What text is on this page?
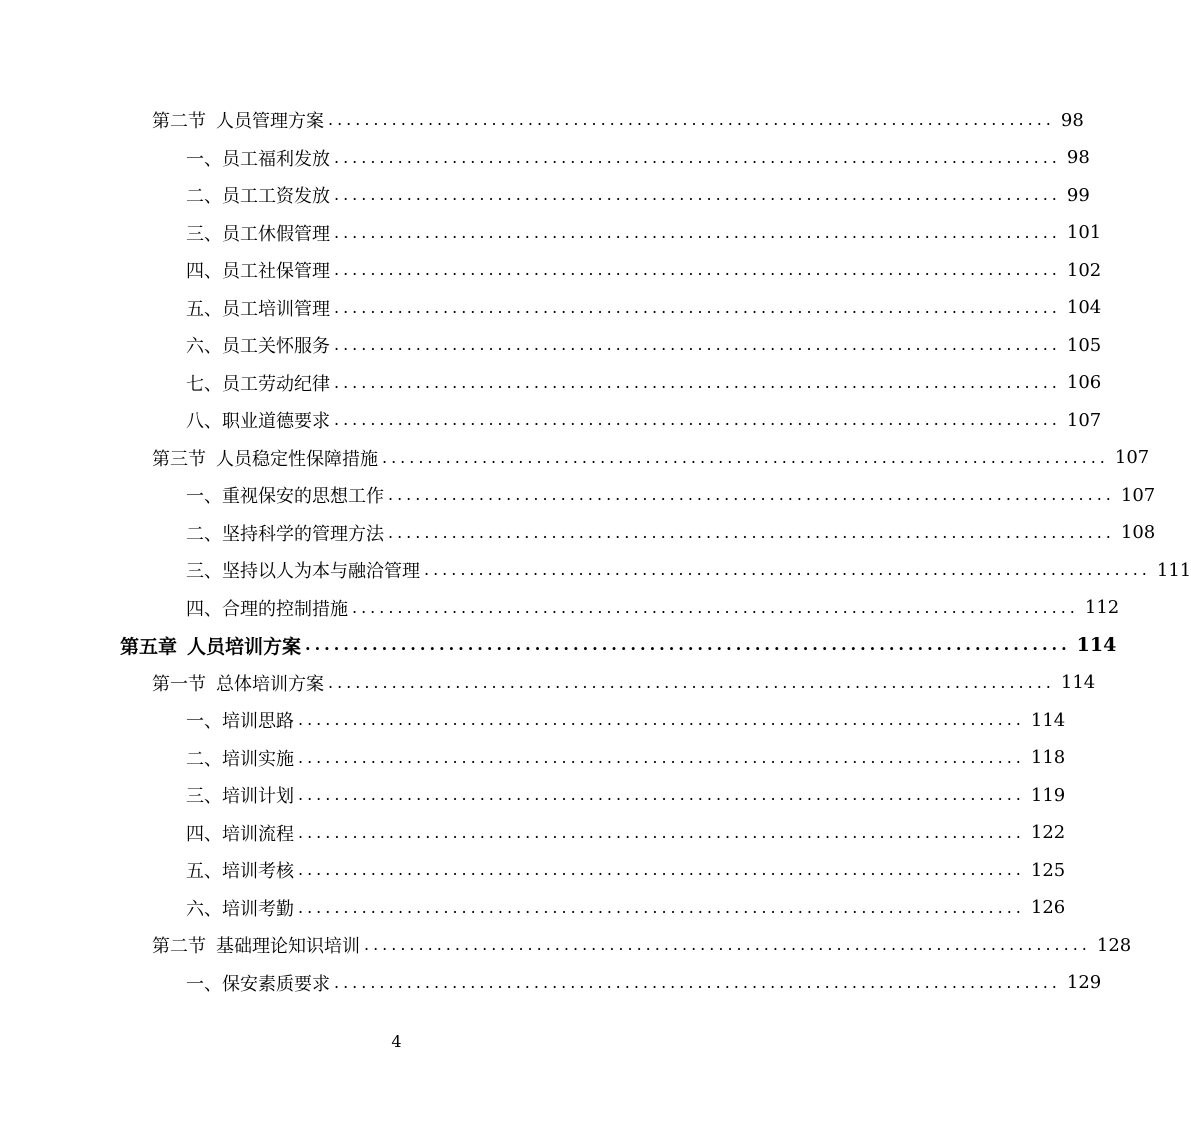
第二节 人员管理方案 ................................................................................ 98
一、员工福利发放 ................................................................................ 98
二、员工工资发放 ................................................................................ 99
三、员工休假管理 ................................................................................ 101
四、员工社保管理 ................................................................................ 102
五、员工培训管理 ................................................................................ 104
六、员工关怀服务 ................................................................................ 105
七、员工劳动纪律 ................................................................................ 106
八、职业道德要求 ................................................................................ 107
第三节 人员稳定性保障措施 ................................................................................ 107
一、重视保安的思想工作 ................................................................................ 107
二、坚持科学的管理方法 ................................................................................ 108
三、坚持以人为本与融洽管理 ................................................................................ 111
四、合理的控制措施 ................................................................................ 112
第五章 人员培训方案 ................................................................................ 114
第一节 总体培训方案 ................................................................................ 114
一、培训思路 ................................................................................ 114
二、培训实施 ................................................................................ 118
三、培训计划 ................................................................................ 119
四、培训流程 ................................................................................ 122
五、培训考核 ................................................................................ 125
六、培训考勤 ................................................................................ 126
第二节 基础理论知识培训 ................................................................................ 128
一、保安素质要求 ................................................................................ 129
4
